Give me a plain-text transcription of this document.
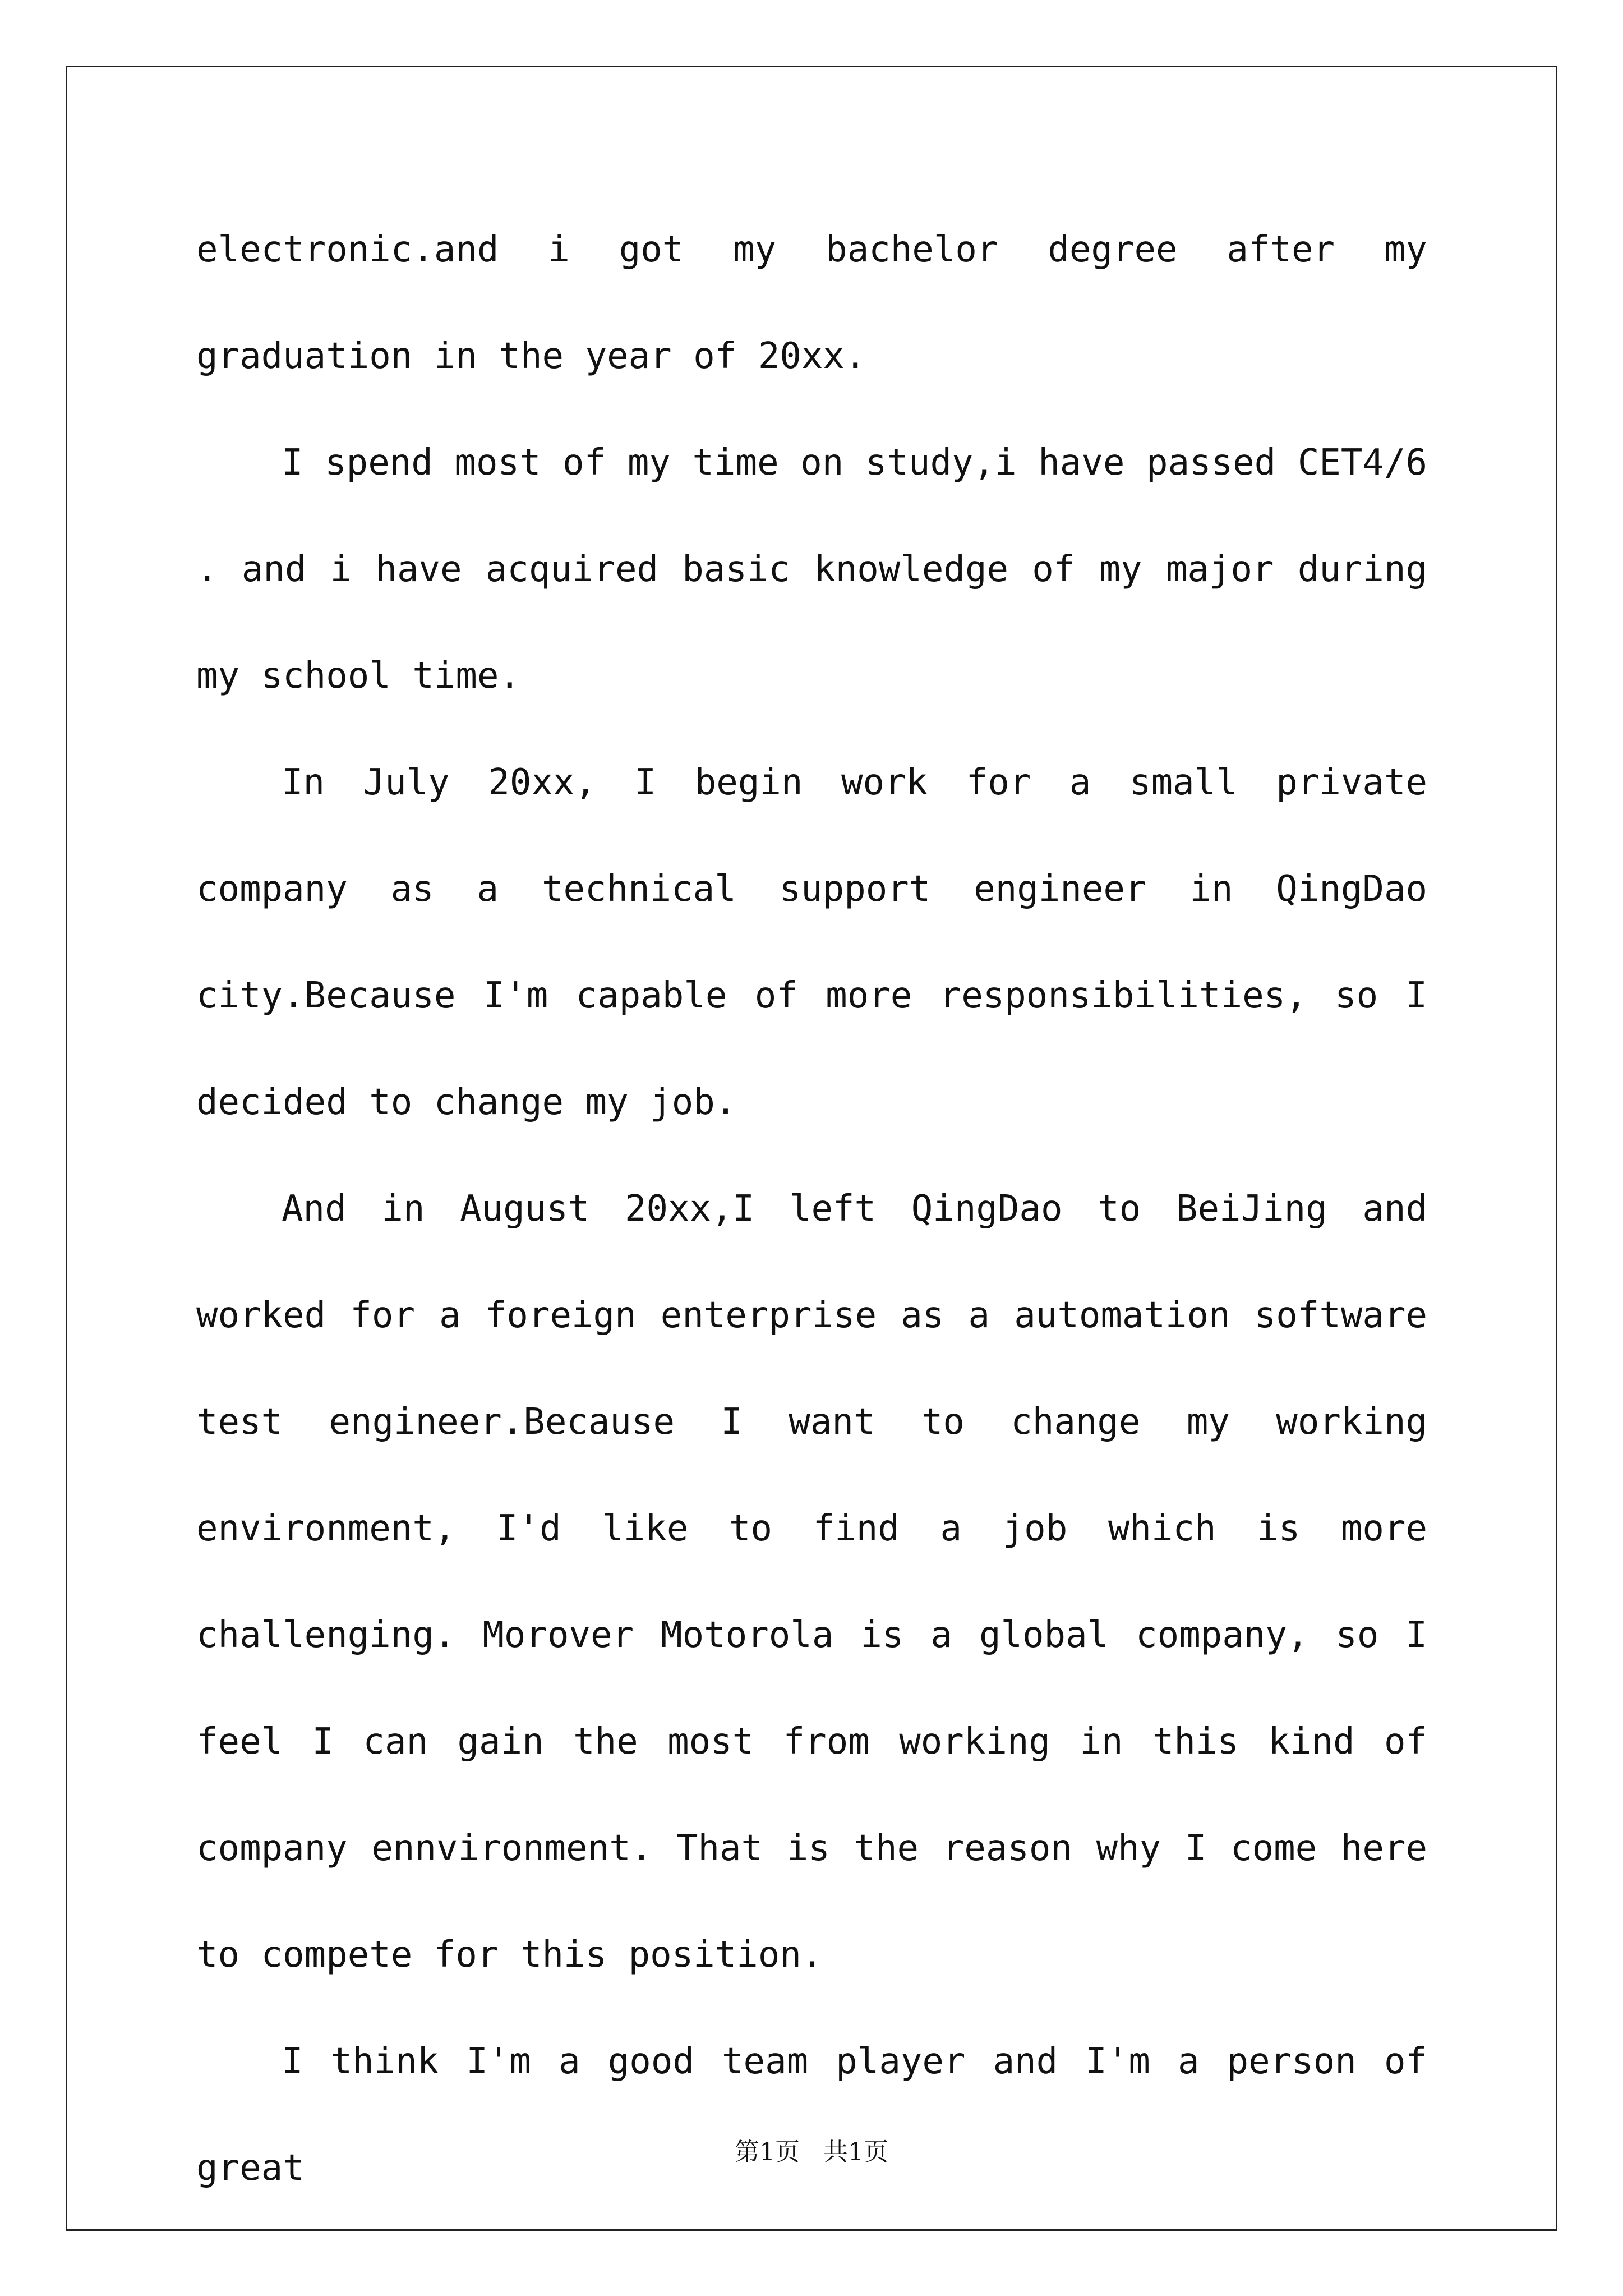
electronic.and i got my bachelor degree after my graduation in the year of 20xx.

I spend most of my time on study,i have passed CET4/6 . and i have acquired basic knowledge of my major during my school time.

In July 20xx, I begin work for a small private company as a technical support engineer in QingDao city.Because I'm capable of more responsibilities, so I decided to change my job.

And in August 20xx,I left QingDao to BeiJing and worked for a foreign enterprise as a automation software test engineer.Because I want to change my working environment, I'd like to find a job which is more challenging. Morover Motorola is a global company, so I feel I can gain the most from working in this kind of company ennvironment. That is the reason why I come here to compete for this position.

I think I'm a good team player and I'm a person of great	第1页   共1页
